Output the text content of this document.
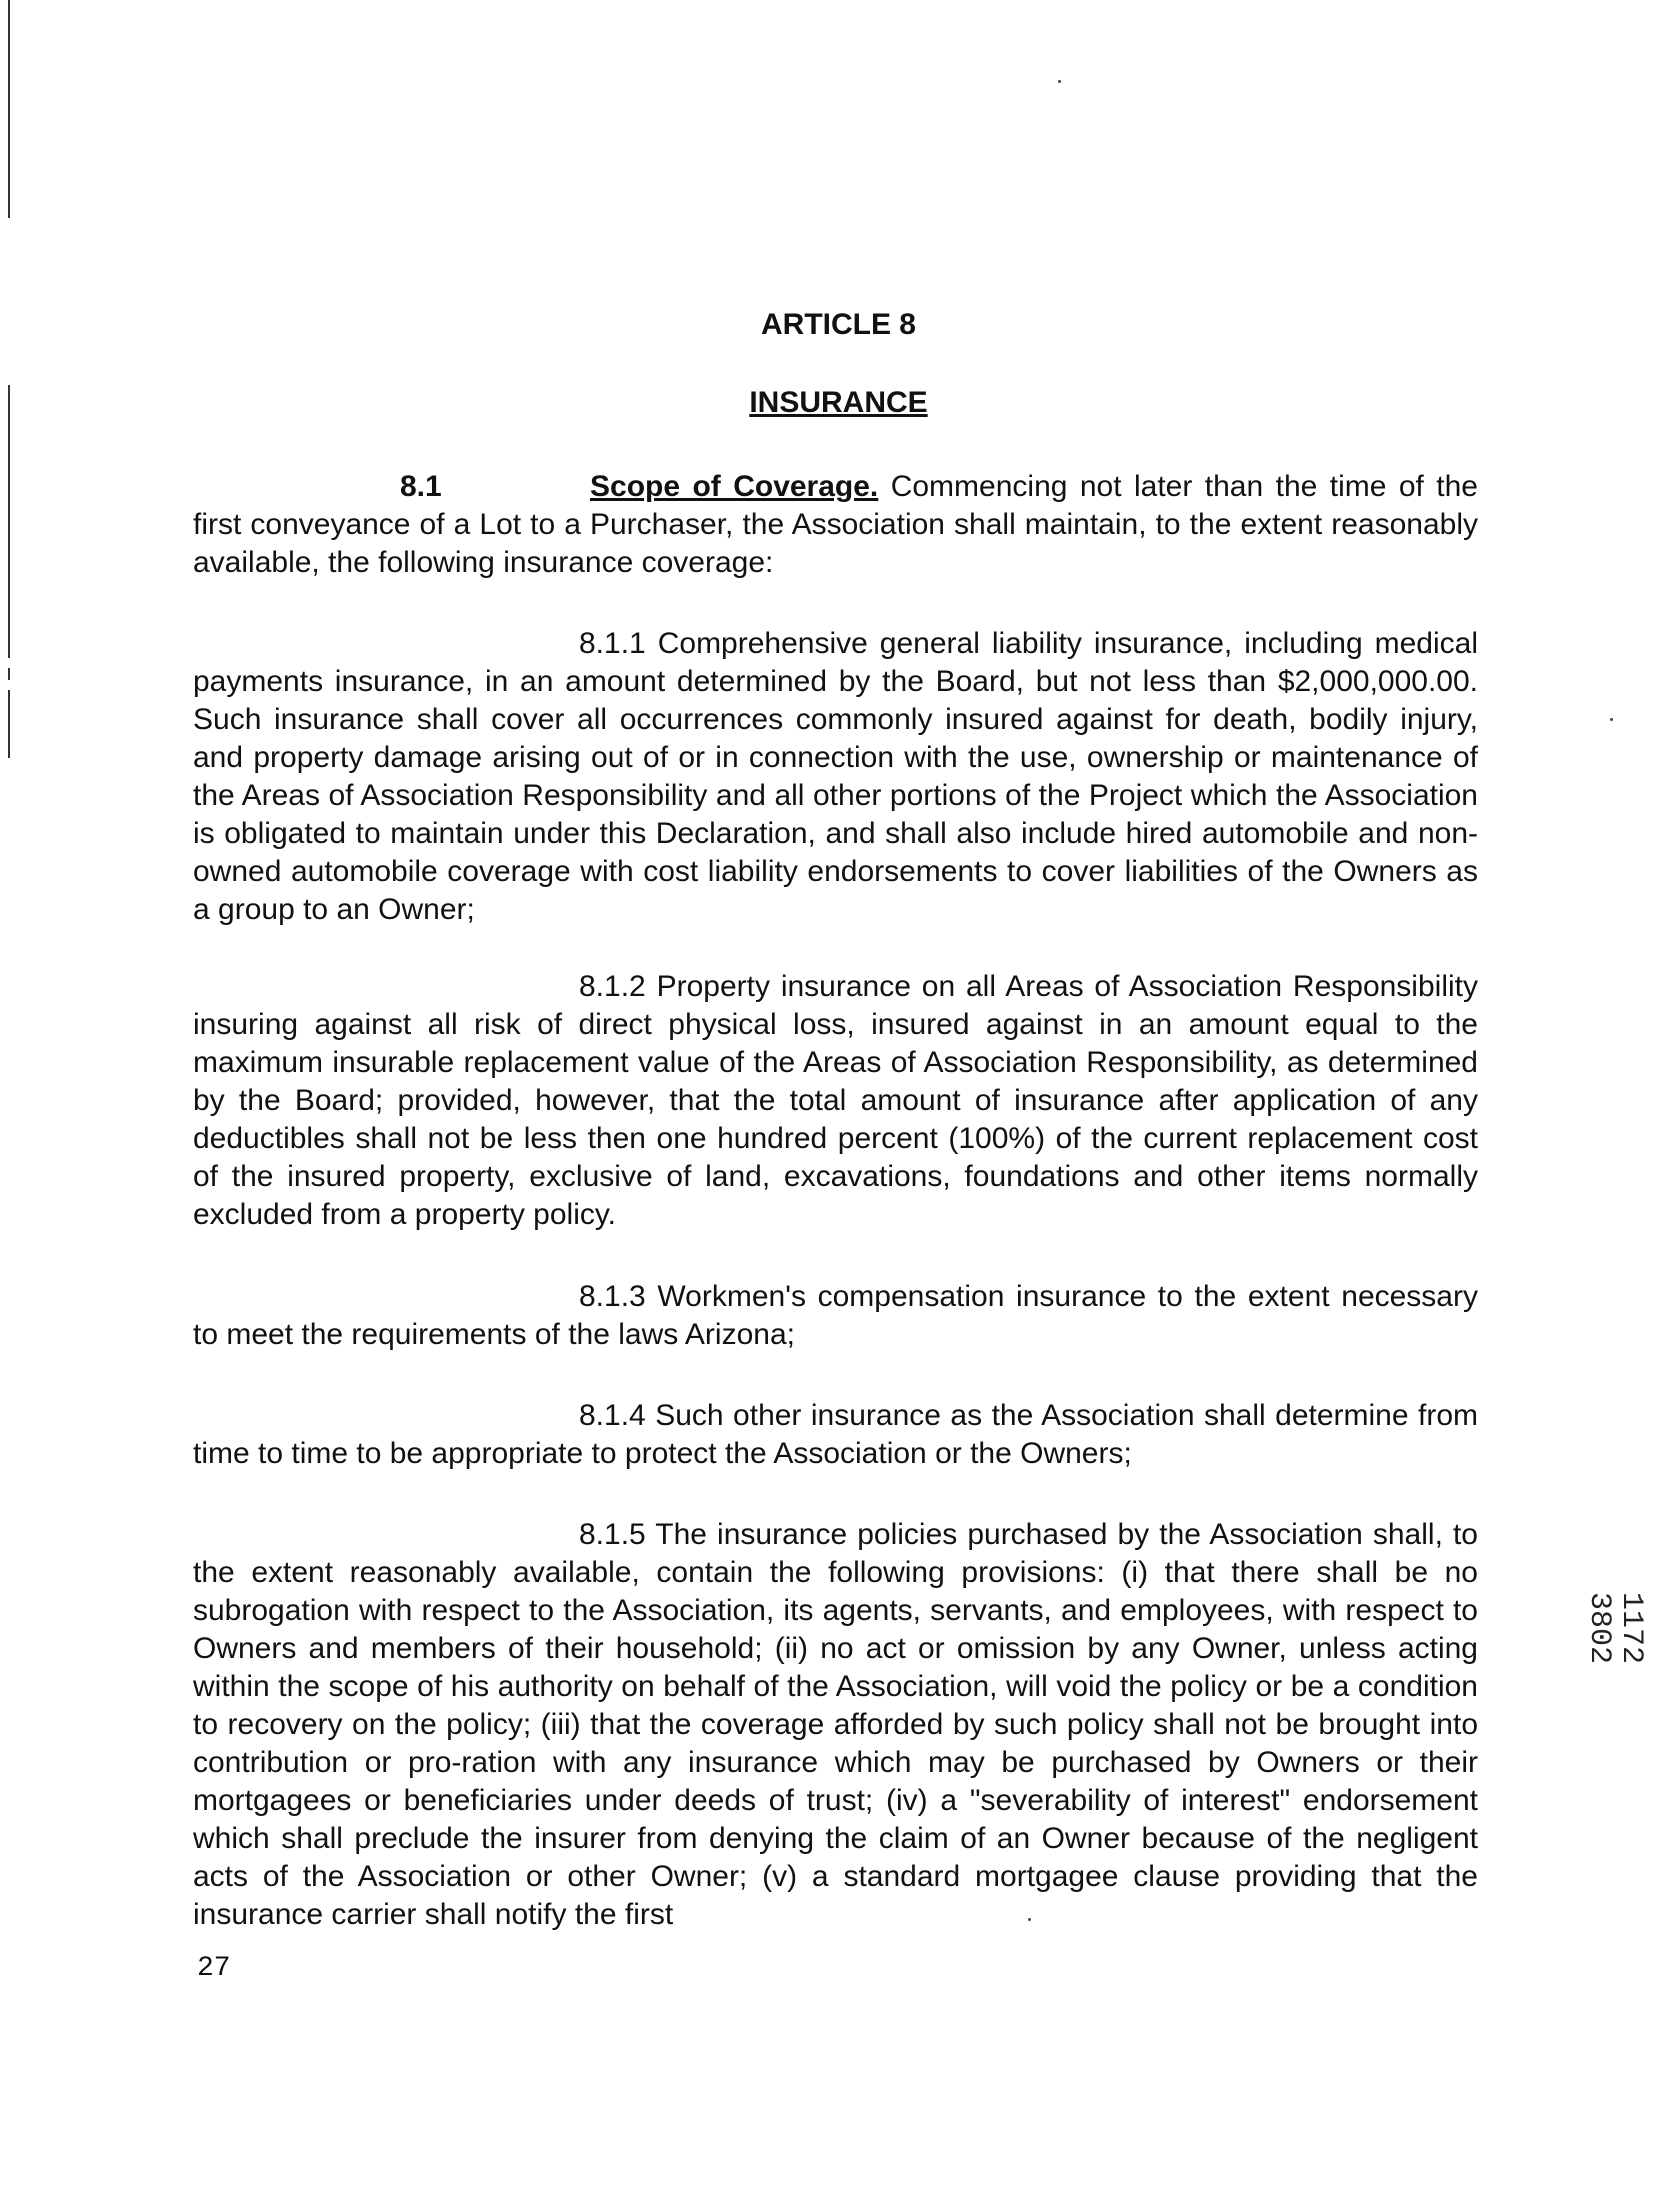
ARTICLE 8
INSURANCE
8.1	Scope of Coverage. Commencing not later than the time of the first conveyance of a Lot to a Purchaser, the Association shall maintain, to the extent reasonably available, the following insurance coverage:
8.1.1 Comprehensive general liability insurance, including medical payments insurance, in an amount determined by the Board, but not less than $2,000,000.00. Such insurance shall cover all occurrences commonly insured against for death, bodily injury, and property damage arising out of or in connection with the use, ownership or maintenance of the Areas of Association Responsibility and all other portions of the Project which the Association is obligated to maintain under this Declaration, and shall also include hired automobile and non-owned automobile coverage with cost liability endorsements to cover liabilities of the Owners as a group to an Owner;
8.1.2 Property insurance on all Areas of Association Responsibility insuring against all risk of direct physical loss, insured against in an amount equal to the maximum insurable replacement value of the Areas of Association Responsibility, as determined by the Board; provided, however, that the total amount of insurance after application of any deductibles shall not be less then one hundred percent (100%) of the current replacement cost of the insured property, exclusive of land, excavations, foundations and other items normally excluded from a property policy.
8.1.3 Workmen's compensation insurance to the extent necessary to meet the requirements of the laws Arizona;
8.1.4 Such other insurance as the Association shall determine from time to time to be appropriate to protect the Association or the Owners;
8.1.5 The insurance policies purchased by the Association shall, to the extent reasonably available, contain the following provisions: (i) that there shall be no subrogation with respect to the Association, its agents, servants, and employees, with respect to Owners and members of their household; (ii) no act or omission by any Owner, unless acting within the scope of his authority on behalf of the Association, will void the policy or be a condition to recovery on the policy; (iii) that the coverage afforded by such policy shall not be brought into contribution or pro-ration with any insurance which may be purchased by Owners or their mortgagees or beneficiaries under deeds of trust; (iv) a "severability of interest" endorsement which shall preclude the insurer from denying the claim of an Owner because of the negligent acts of the Association or other Owner; (v) a standard mortgagee clause providing that the insurance carrier shall notify the first
27
1172 3802
